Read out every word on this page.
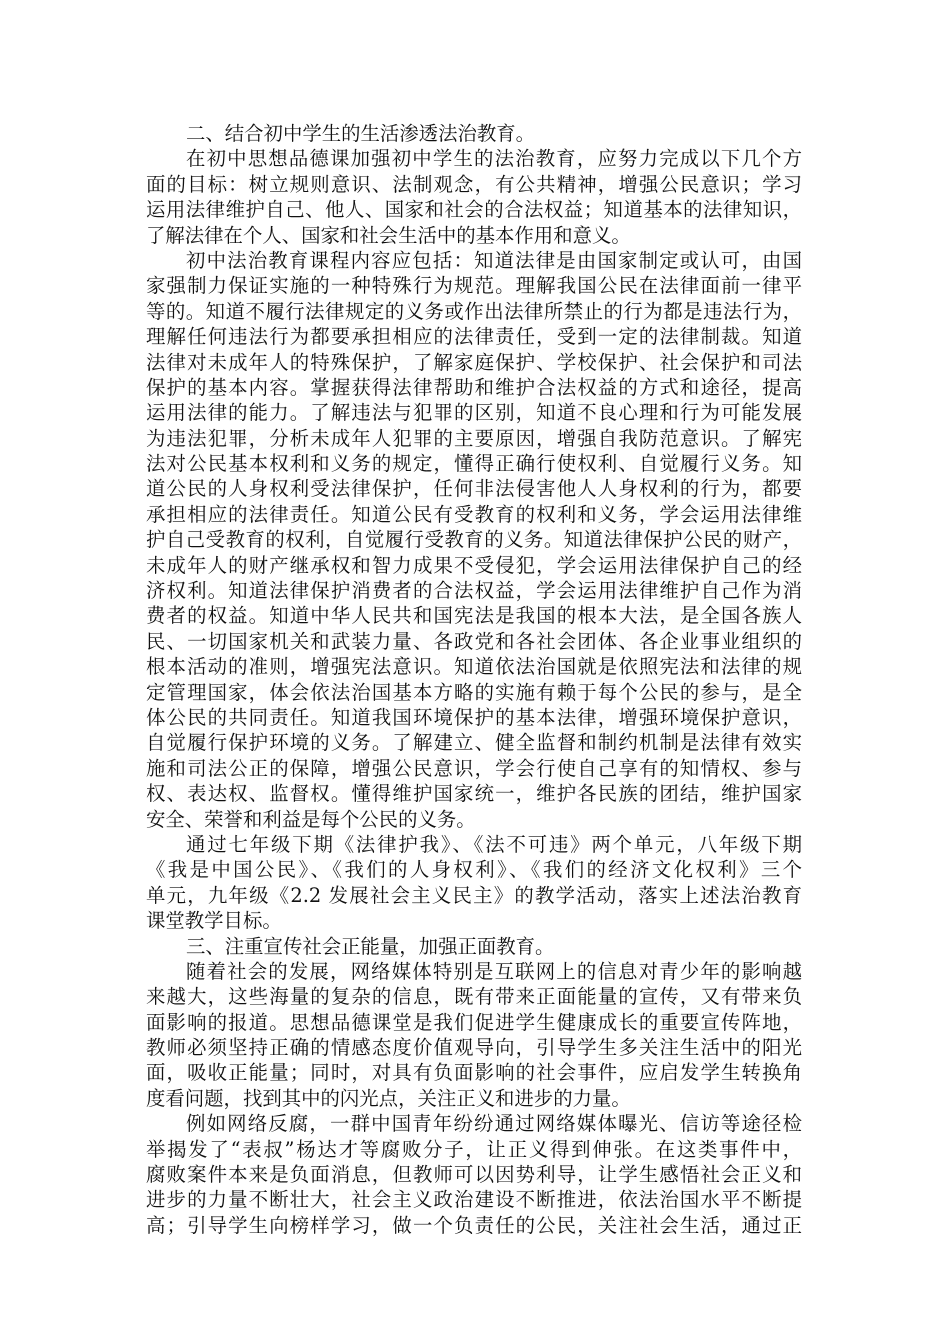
二、结合初中学生的生活渗透法治教育。
在初中思想品德课加强初中学生的法治教育，应努力完成以下几个方
面的目标：树立规则意识、法制观念，有公共精神，增强公民意识；学习
运用法律维护自己、他人、国家和社会的合法权益；知道基本的法律知识，
了解法律在个人、国家和社会生活中的基本作用和意义。
初中法治教育课程内容应包括：知道法律是由国家制定或认可，由国
家强制力保证实施的一种特殊行为规范。理解我国公民在法律面前一律平
等的。知道不履行法律规定的义务或作出法律所禁止的行为都是违法行为，
理解任何违法行为都要承担相应的法律责任，受到一定的法律制裁。知道
法律对未成年人的特殊保护，了解家庭保护、学校保护、社会保护和司法
保护的基本内容。掌握获得法律帮助和维护合法权益的方式和途径，提高
运用法律的能力。了解违法与犯罪的区别，知道不良心理和行为可能发展
为违法犯罪，分析未成年人犯罪的主要原因，增强自我防范意识。了解宪
法对公民基本权利和义务的规定，懂得正确行使权利、自觉履行义务。知
道公民的人身权利受法律保护，任何非法侵害他人人身权利的行为，都要
承担相应的法律责任。知道公民有受教育的权利和义务，学会运用法律维
护自己受教育的权利，自觉履行受教育的义务。知道法律保护公民的财产，
未成年人的财产继承权和智力成果不受侵犯，学会运用法律保护自己的经
济权利。知道法律保护消费者的合法权益，学会运用法律维护自己作为消
费者的权益。知道中华人民共和国宪法是我国的根本大法，是全国各族人
民、一切国家机关和武装力量、各政党和各社会团体、各企业事业组织的
根本活动的准则，增强宪法意识。知道依法治国就是依照宪法和法律的规
定管理国家，体会依法治国基本方略的实施有赖于每个公民的参与，是全
体公民的共同责任。知道我国环境保护的基本法律，增强环境保护意识，
自觉履行保护环境的义务。了解建立、健全监督和制约机制是法律有效实
施和司法公正的保障，增强公民意识，学会行使自己享有的知情权、参与
权、表达权、监督权。懂得维护国家统一，维护各民族的团结，维护国家
安全、荣誉和利益是每个公民的义务。
通过七年级下期《法律护我》、《法不可违》两个单元，八年级下期
《我是中国公民》、《我们的人身权利》、《我们的经济文化权利》三个
单元，九年级《2.2 发展社会主义民主》的教学活动，落实上述法治教育
课堂教学目标。
三、注重宣传社会正能量，加强正面教育。
随着社会的发展，网络媒体特别是互联网上的信息对青少年的影响越
来越大，这些海量的复杂的信息，既有带来正面能量的宣传，又有带来负
面影响的报道。思想品德课堂是我们促进学生健康成长的重要宣传阵地，
教师必须坚持正确的情感态度价值观导向，引导学生多关注生活中的阳光
面，吸收正能量；同时，对具有负面影响的社会事件，应启发学生转换角
度看问题，找到其中的闪光点，关注正义和进步的力量。
例如网络反腐，一群中国青年纷纷通过网络媒体曝光、信访等途径检
举揭发了“表叔”杨达才等腐败分子，让正义得到伸张。在这类事件中，
腐败案件本来是负面消息，但教师可以因势利导，让学生感悟社会正义和
进步的力量不断壮大，社会主义政治建设不断推进，依法治国水平不断提
高；引导学生向榜样学习，做一个负责任的公民，关注社会生活，通过正
